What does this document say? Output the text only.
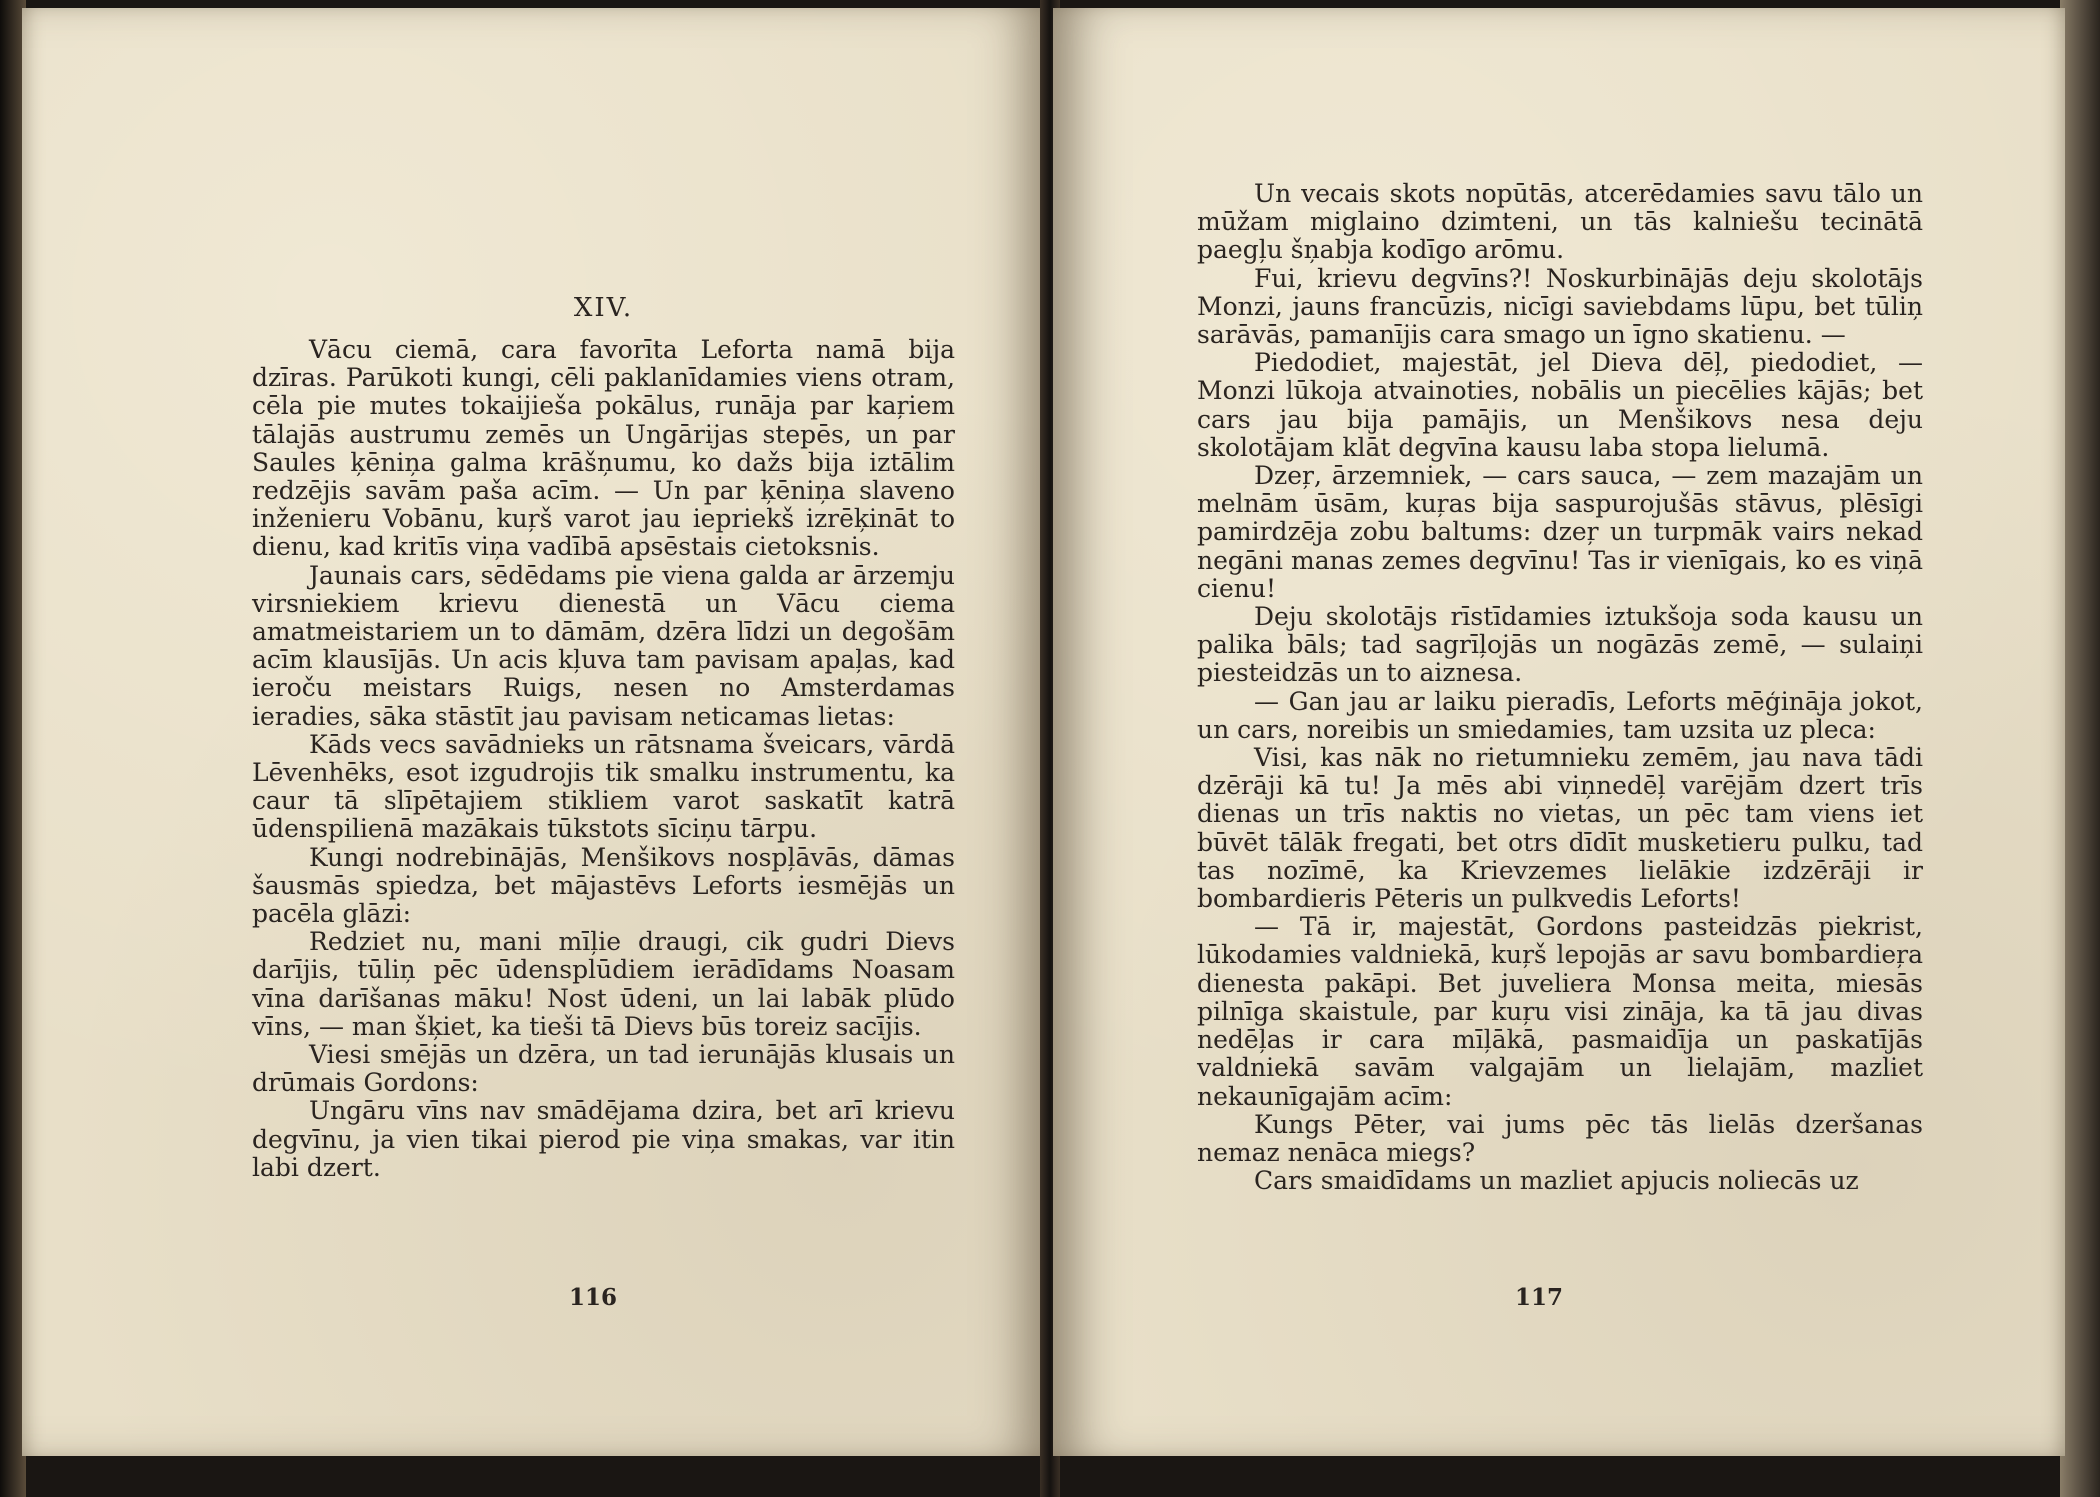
XIV.

Vācu ciemā, cara favorīta Leforta namā bija dzīras. Parūkoti kungi, cēli paklanīdamies viens otram, cēla pie mutes tokaijieša pokālus, runāja par kaŗiem tālajās austrumu zemēs un Ungārijas stepēs, un par Saules ķēniņa galma krāšņumu, ko dažs bija iztālim redzējis savām paša acīm. — Un par ķēniņa slaveno inženieru Vobānu, kuŗš varot jau iepriekš izrēķināt to dienu, kad kritīs viņa vadībā apsēstais cietoksnis.

Jaunais cars, sēdēdams pie viena galda ar ārzemju virsniekiem krievu dienestā un Vācu ciema amatmeistariem un to dāmām, dzēra līdzi un degošām acīm klausījās. Un acis kļuva tam pavisam apaļas, kad ieroču meistars Ruigs, nesen no Amsterdamas ieradies, sāka stāstīt jau pavisam neticamas lietas:

Kāds vecs savādnieks un rātsnama šveicars, vārdā Lēvenhēks, esot izgudrojis tik smalku instrumentu, ka caur tā slīpētajiem stikliem varot saskatīt katrā ūdenspilienā mazākais tūkstots sīciņu tārpu.

Kungi nodrebinājās, Menšikovs nospļāvās, dāmas šausmās spiedza, bet mājastēvs Leforts iesmējās un pacēla glāzi:

Redziet nu, mani mīļie draugi, cik gudri Dievs darījis, tūliņ pēc ūdensplūdiem ierādīdams Noasam vīna darīšanas māku! Nost ūdeni, un lai labāk plūdo vīns, — man šķiet, ka tieši tā Dievs būs toreiz sacījis.

Viesi smējās un dzēra, un tad ierunājās klusais un drūmais Gordons:

Ungāru vīns nav smādējama dzira, bet arī krievu degvīnu, ja vien tikai pierod pie viņa smakas, var itin labi dzert.

116

Un vecais skots nopūtās, atcerēdamies savu tālo un mūžam miglaino dzimteni, un tās kalniešu tecinātā paegļu šņabja kodīgo arōmu.

Fui, krievu degvīns?! Noskurbinājās deju skolotājs Monzi, jauns francūzis, nicīgi saviebdams lūpu, bet tūliņ sarāvās, pamanījis cara smago un īgno skatienu. —

Piedodiet, majestāt, jel Dieva dēļ, piedodiet, — Monzi lūkoja atvainoties, nobālis un piecēlies kājās; bet cars jau bija pamājis, un Menšikovs nesa deju skolotājam klāt degvīna kausu laba stopa lielumā.

Dzeŗ, ārzemniek, — cars sauca, — zem mazajām un melnām ūsām, kuŗas bija saspurojušās stāvus, plēsīgi pamirdzēja zobu baltums: dzeŗ un turpmāk vairs nekad negāni manas zemes degvīnu! Tas ir vienīgais, ko es viņā cienu!

Deju skolotājs rīstīdamies iztukšoja soda kausu un palika bāls; tad sagrīļojās un nogāzās zemē, — sulaiņi piesteidzās un to aiznesa.

— Gan jau ar laiku pieradīs, Leforts mēģināja jokot, un cars, noreibis un smiedamies, tam uzsita uz pleca:

Visi, kas nāk no rietumnieku zemēm, jau nava tādi dzērāji kā tu! Ja mēs abi viņnedēļ varējām dzert trīs dienas un trīs naktis no vietas, un pēc tam viens iet būvēt tālāk fregati, bet otrs dīdīt musketieru pulku, tad tas nozīmē, ka Krievzemes lielākie izdzērāji ir bombardieris Pēteris un pulkvedis Leforts!

— Tā ir, majestāt, Gordons pasteidzās piekrist, lūkodamies valdniekā, kuŗš lepojās ar savu bombardieŗa dienesta pakāpi. Bet juveliera Monsa meita, miesās pilnīga skaistule, par kuŗu visi zināja, ka tā jau divas nedēļas ir cara mīļākā, pasmaidīja un paskatījās valdniekā savām valgajām un lielajām, mazliet nekaunīgajām acīm:

Kungs Pēter, vai jums pēc tās lielās dzeršanas nemaz nenāca miegs?

Cars smaidīdams un mazliet apjucis noliecās uz

117
